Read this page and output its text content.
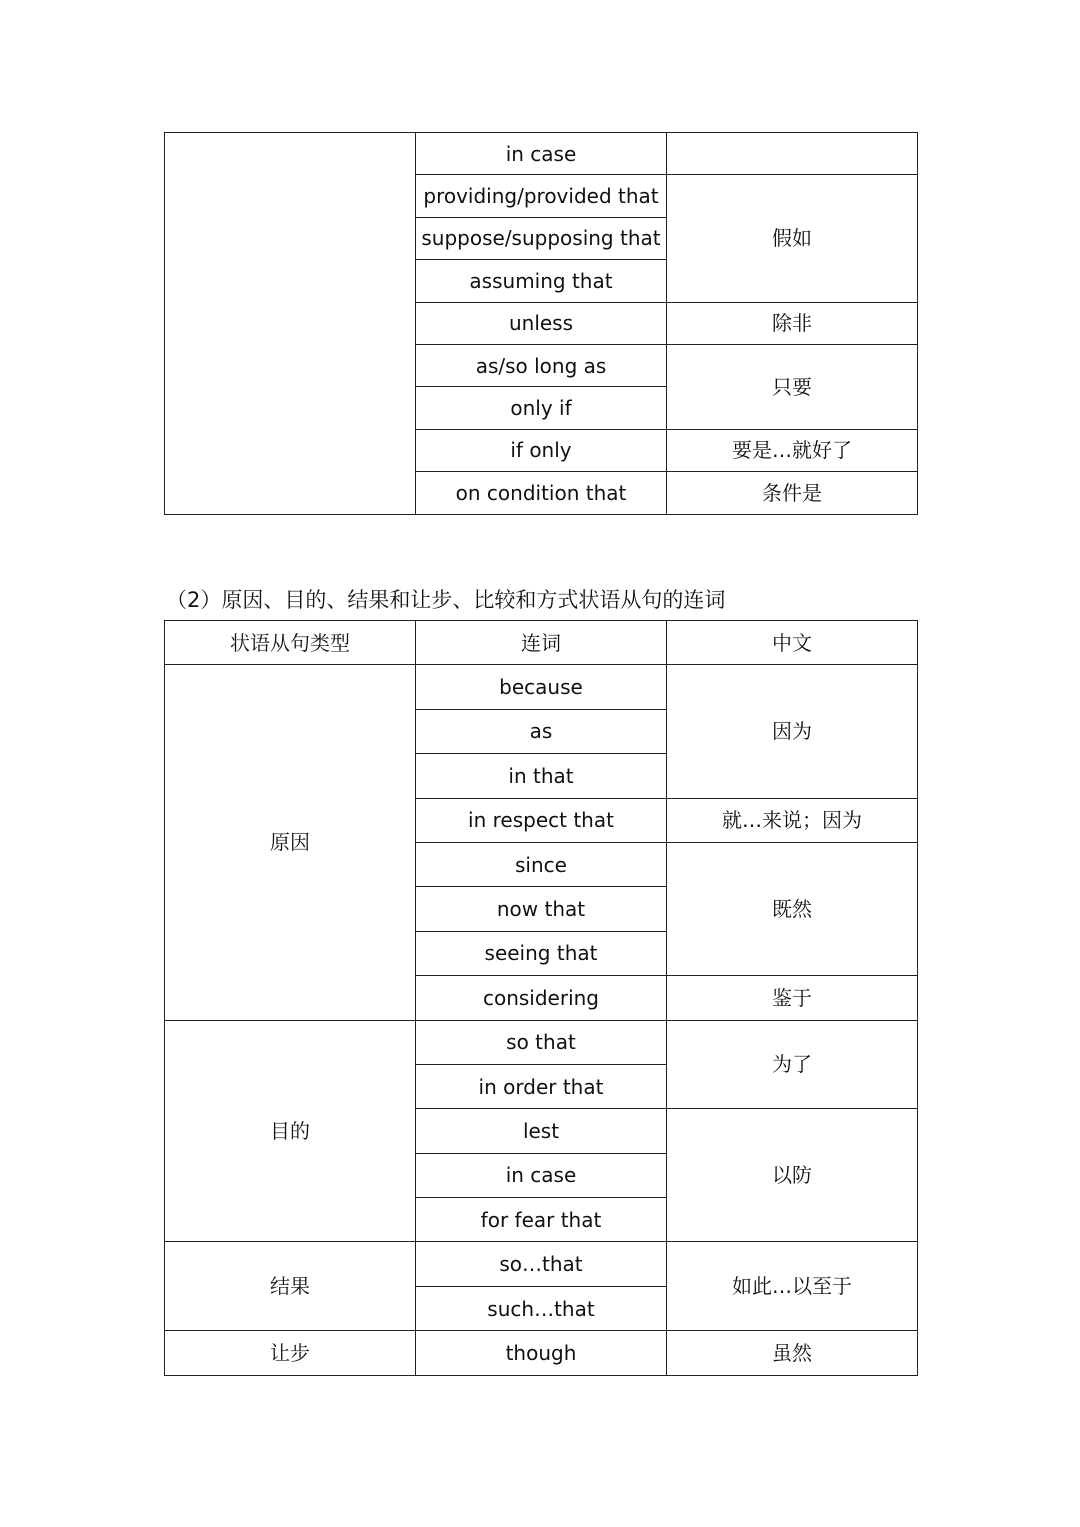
	in case	
	providing/provided that	假如
	suppose/supposing that	
	assuming that	
	unless	除非
	as/so long as	只要
	only if	
	if only	要是…就好了
	on condition that	条件是
（2）原因、目的、结果和让步、比较和方式状语从句的连词
状语从句类型	连词	中文
原因	because	因为
	as	
	in that	
	in respect that	就…来说；因为
	since	既然
	now that	
	seeing that	
	considering	鉴于
目的	so that	为了
	in order that	
	lest	以防
	in case	
	for fear that	
结果	so…that	如此…以至于
	such…that	
让步	though	虽然
